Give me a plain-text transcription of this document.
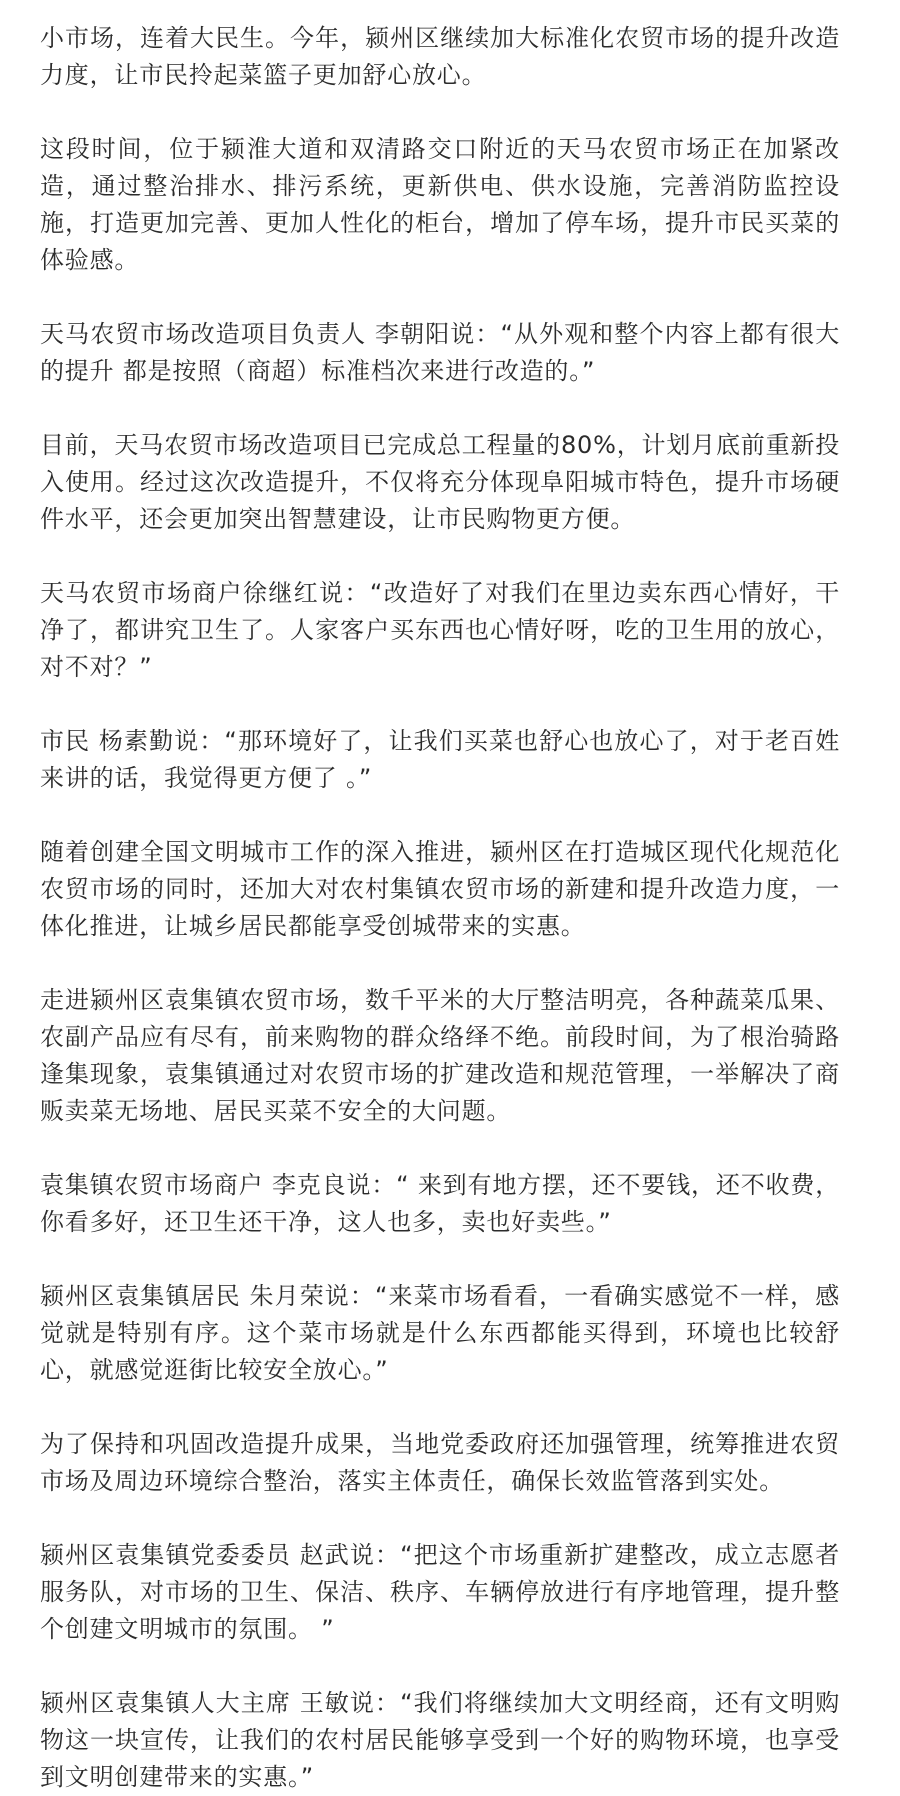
小市场，连着大民生。今年，颍州区继续加大标准化农贸市场的提升改造力度，让市民拎起菜篮子更加舒心放心。

这段时间，位于颍淮大道和双清路交口附近的天马农贸市场正在加紧改造，通过整治排水、排污系统，更新供电、供水设施，完善消防监控设施，打造更加完善、更加人性化的柜台，增加了停车场，提升市民买菜的体验感。

天马农贸市场改造项目负责人 李朝阳说：“从外观和整个内容上都有很大的提升 都是按照（商超）标准档次来进行改造的。”

目前，天马农贸市场改造项目已完成总工程量的80%，计划月底前重新投入使用。经过这次改造提升，不仅将充分体现阜阳城市特色，提升市场硬件水平，还会更加突出智慧建设，让市民购物更方便。

天马农贸市场商户徐继红说：“改造好了对我们在里边卖东西心情好，干净了，都讲究卫生了。人家客户买东西也心情好呀，吃的卫生用的放心，对不对？”

市民 杨素勤说：“那环境好了，让我们买菜也舒心也放心了，对于老百姓来讲的话，我觉得更方便了 。”

随着创建全国文明城市工作的深入推进，颍州区在打造城区现代化规范化农贸市场的同时，还加大对农村集镇农贸市场的新建和提升改造力度，一体化推进，让城乡居民都能享受创城带来的实惠。

走进颍州区袁集镇农贸市场，数千平米的大厅整洁明亮，各种蔬菜瓜果、农副产品应有尽有，前来购物的群众络绎不绝。前段时间，为了根治骑路逢集现象，袁集镇通过对农贸市场的扩建改造和规范管理，一举解决了商贩卖菜无场地、居民买菜不安全的大问题。

袁集镇农贸市场商户 李克良说：“ 来到有地方摆，还不要钱，还不收费，你看多好，还卫生还干净，这人也多，卖也好卖些。”

颍州区袁集镇居民 朱月荣说：“来菜市场看看，一看确实感觉不一样，感觉就是特别有序。这个菜市场就是什么东西都能买得到，环境也比较舒心，就感觉逛街比较安全放心。”

为了保持和巩固改造提升成果，当地党委政府还加强管理，统筹推进农贸市场及周边环境综合整治，落实主体责任，确保长效监管落到实处。

颍州区袁集镇党委委员 赵武说：“把这个市场重新扩建整改，成立志愿者服务队，对市场的卫生、保洁、秩序、车辆停放进行有序地管理，提升整个创建文明城市的氛围。 ”

颍州区袁集镇人大主席 王敏说：“我们将继续加大文明经商，还有文明购物这一块宣传，让我们的农村居民能够享受到一个好的购物环境，也享受到文明创建带来的实惠。”
